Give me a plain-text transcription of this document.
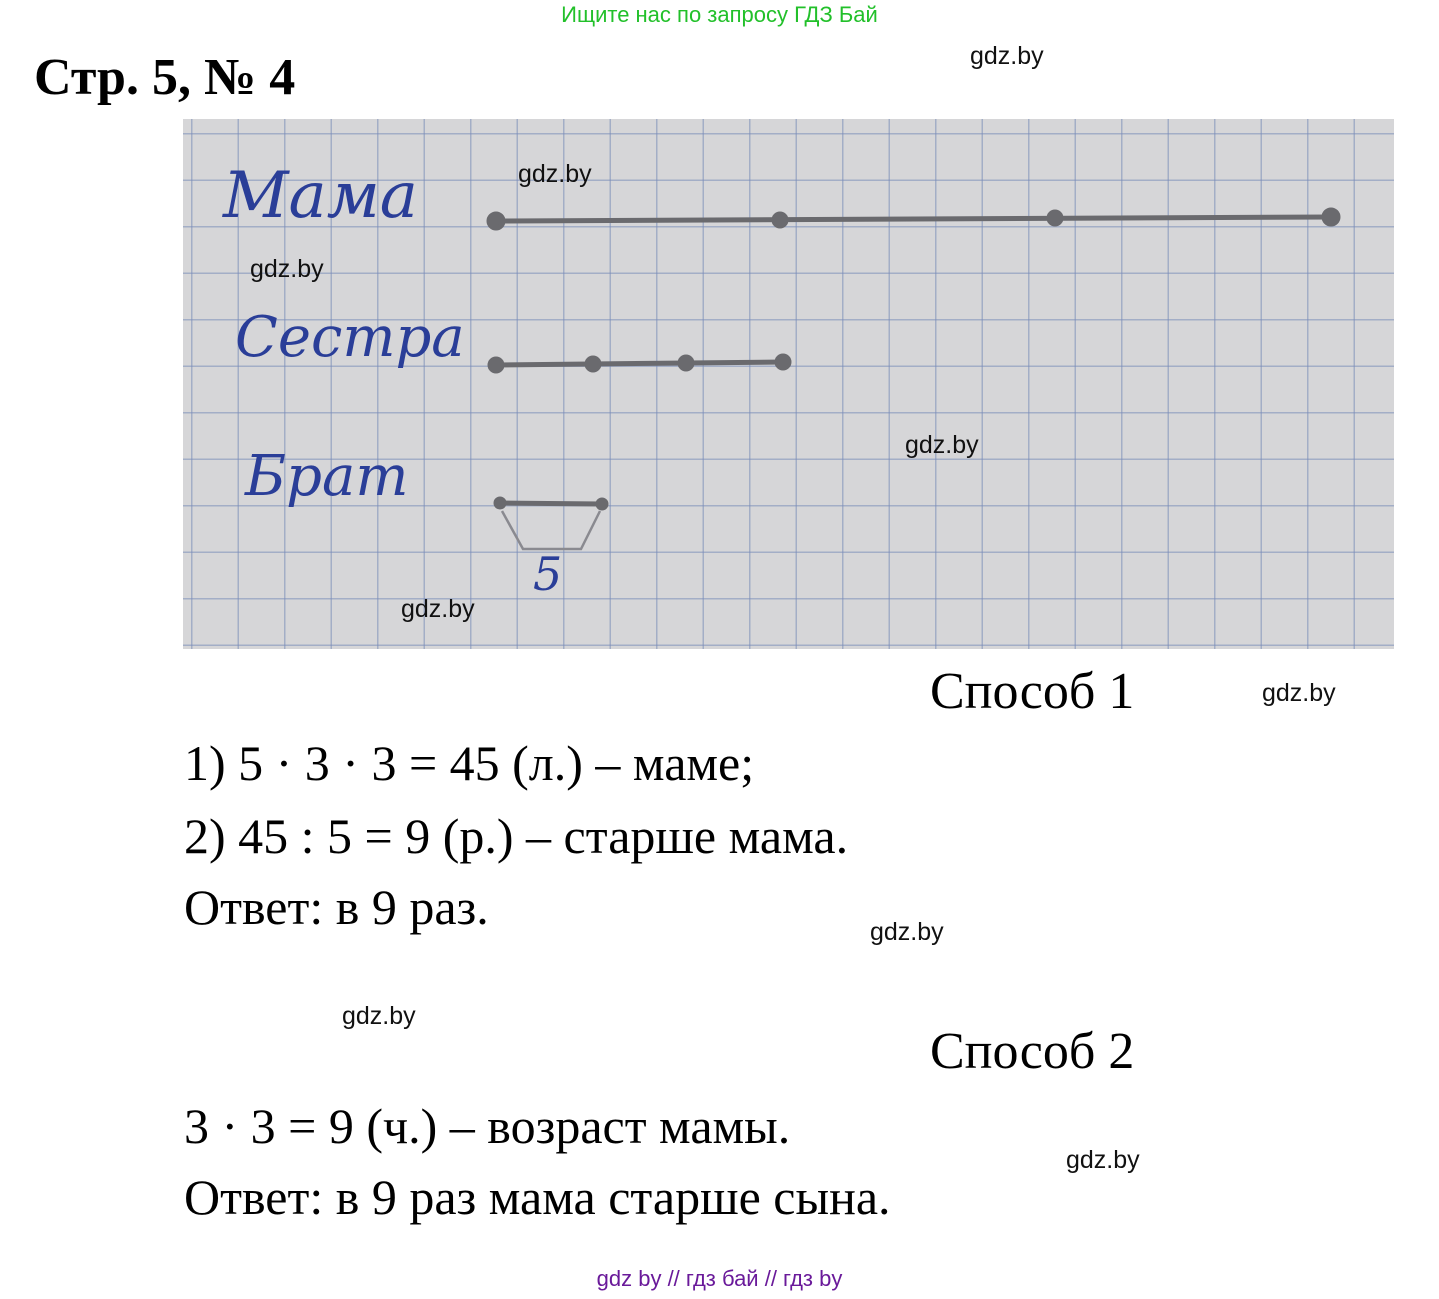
Ищите нас по запросу ГДЗ Бай
Стр. 5, № 4	gdz.by
Мама
Сестра
Брат
5
gdz.by
gdz.by
gdz.by
gdz.by
Способ 1	gdz.by
1) 5 · 3 · 3 = 45 (л.) – маме;
2) 45 : 5 = 9 (р.) – старше мама.
Ответ: в 9 раз.	gdz.by
gdz.by
Способ 2
3 · 3 = 9 (ч.) – возраст мамы.
gdz.by
Ответ: в 9 раз мама старше сына.
gdz by // гдз бай // гдз by
